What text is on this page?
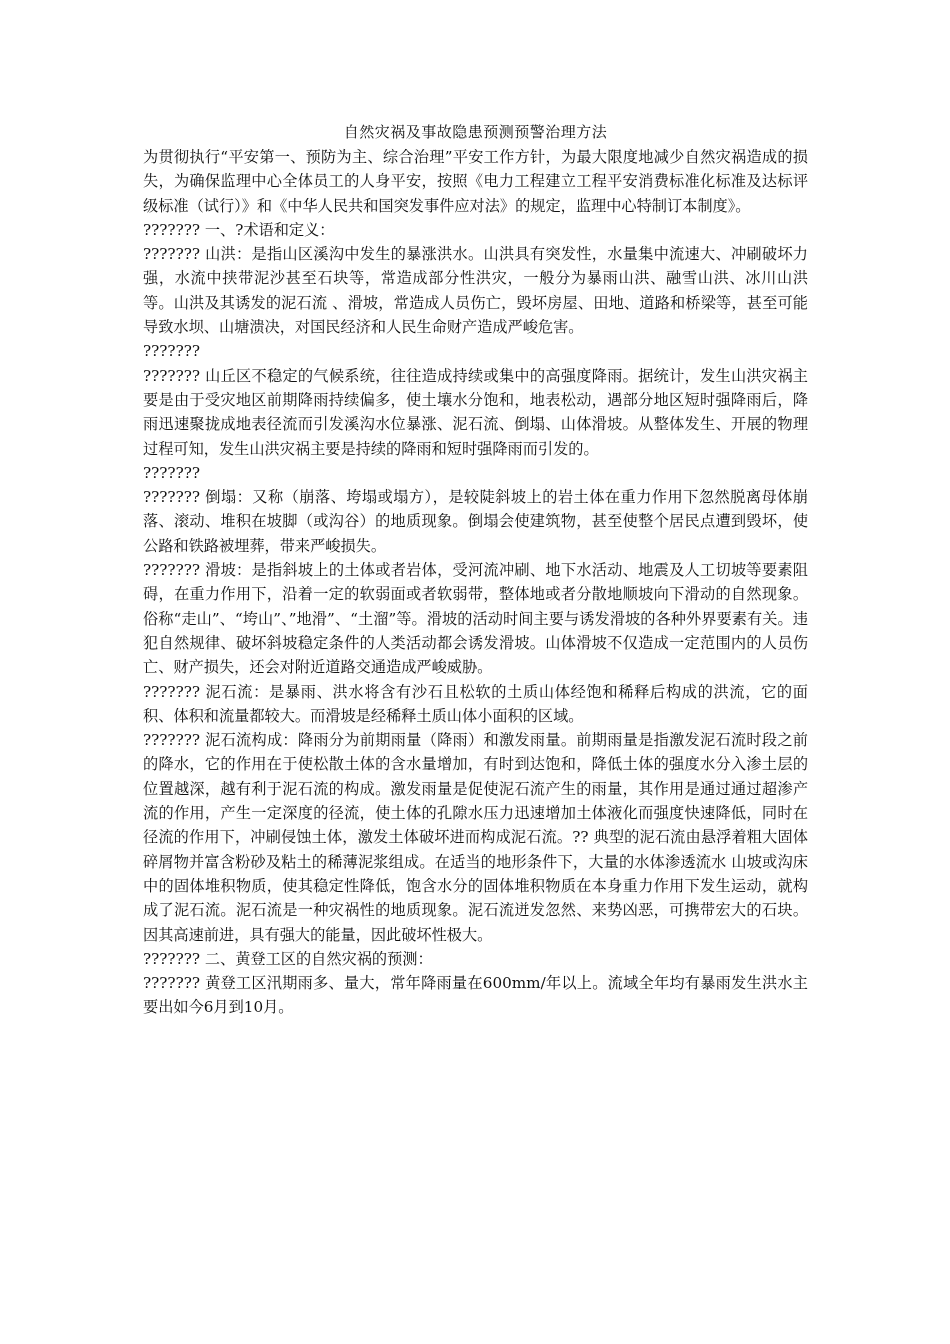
自然灾祸及事故隐患预测预警治理方法

为贯彻执行“平安第一、预防为主、综合治理”平安工作方针，为最大限度地减少自然灾祸造成的损失，为确保监理中心全体员工的人身平安，按照《电力工程建立工程平安消费标准化标准及达标评级标准（试行）》和《中华人民共和国突发事件应对法》的规定，监理中心特制订本制度》。

??????? 一、?术语和定义：

??????? 山洪：是指山区溪沟中发生的暴涨洪水。山洪具有突发性，水量集中流速大、冲刷破坏力强，水流中挟带泥沙甚至石块等，常造成部分性洪灾，一般分为暴雨山洪、融雪山洪、冰川山洪等。山洪及其诱发的泥石流 、滑坡，常造成人员伤亡，毁坏房屋、田地、道路和桥梁等，甚至可能导致水坝、山塘溃决，对国民经济和人民生命财产造成严峻危害。

???????

??????? 山丘区不稳定的气候系统，往往造成持续或集中的高强度降雨。据统计，发生山洪灾祸主要是由于受灾地区前期降雨持续偏多，使土壤水分饱和，地表松动，遇部分地区短时强降雨后，降雨迅速聚拢成地表径流而引发溪沟水位暴涨、泥石流、倒塌、山体滑坡。从整体发生、开展的物理过程可知，发生山洪灾祸主要是持续的降雨和短时强降雨而引发的。

???????

??????? 倒塌：又称（崩落、垮塌或塌方），是较陡斜坡上的岩土体在重力作用下忽然脱离母体崩落、滚动、堆积在坡脚（或沟谷）的地质现象。倒塌会使建筑物，甚至使整个居民点遭到毁坏，使公路和铁路被埋葬，带来严峻损失。

??????? 滑坡：是指斜坡上的土体或者岩体，受河流冲刷、地下水活动、地震及人工切坡等要素阻碍，在重力作用下，沿着一定的软弱面或者软弱带，整体地或者分散地顺坡向下滑动的自然现象。俗称“走山”、“垮山”、”地滑”、“土溜”等。滑坡的活动时间主要与诱发滑坡的各种外界要素有关。违犯自然规律、破坏斜坡稳定条件的人类活动都会诱发滑坡。山体滑坡不仅造成一定范围内的人员伤亡、财产损失，还会对附近道路交通造成严峻威胁。

??????? 泥石流：是暴雨、洪水将含有沙石且松软的土质山体经饱和稀释后构成的洪流，它的面积、体积和流量都较大。而滑坡是经稀释土质山体小面积的区域。

??????? 泥石流构成：降雨分为前期雨量（降雨）和激发雨量。前期雨量是指激发泥石流时段之前的降水，它的作用在于使松散土体的含水量增加，有时到达饱和，降低土体的强度水分入渗土层的位置越深，越有利于泥石流的构成。激发雨量是促使泥石流产生的雨量，其作用是通过通过超渗产流的作用，产生一定深度的径流，使土体的孔隙水压力迅速增加土体液化而强度快速降低，同时在径流的作用下，冲刷侵蚀土体，激发土体破坏进而构成泥石流。?? 典型的泥石流由悬浮着粗大固体碎屑物并富含粉砂及粘土的稀薄泥浆组成。在适当的地形条件下，大量的水体渗透流水 山坡或沟床中的固体堆积物质，使其稳定性降低，饱含水分的固体堆积物质在本身重力作用下发生运动，就构成了泥石流。泥石流是一种灾祸性的地质现象。泥石流迸发忽然、来势凶恶，可携带宏大的石块。因其高速前进，具有强大的能量，因此破坏性极大。

??????? 二、黄登工区的自然灾祸的预测：

??????? 黄登工区汛期雨多、量大，常年降雨量在600mm/年以上。流域全年均有暴雨发生洪水主要出如今6月到10月。
